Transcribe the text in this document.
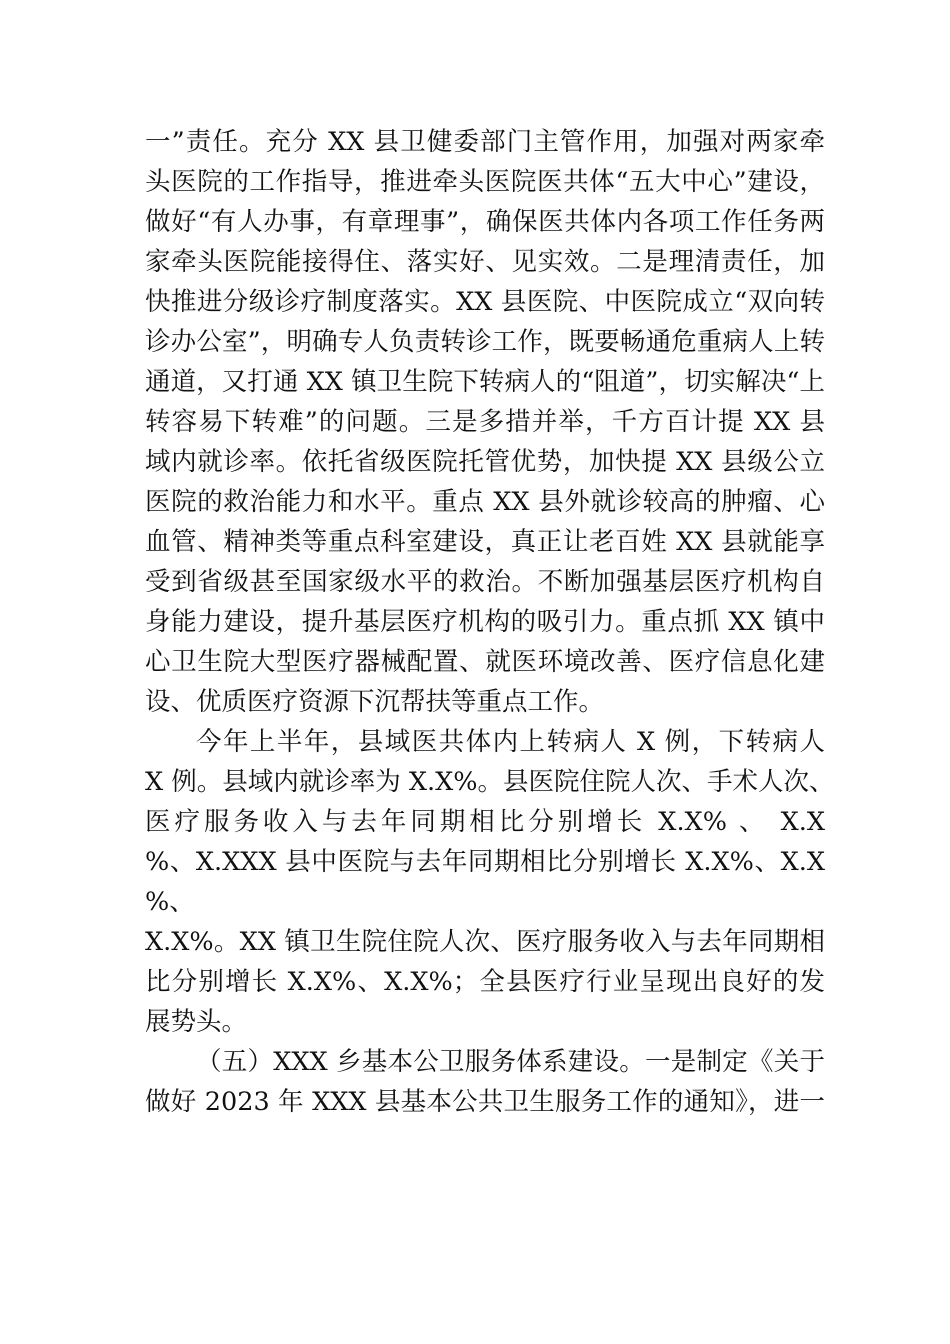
一”责任。充分 XX 县卫健委部门主管作用，加强对两家牵
头医院的工作指导，推进牵头医院医共体“五大中心”建设，
做好“有人办事，有章理事”，确保医共体内各项工作任务两
家牵头医院能接得住、落实好、见实效。二是理清责任，加
快推进分级诊疗制度落实。XX 县医院、中医院成立“双向转
诊办公室”，明确专人负责转诊工作，既要畅通危重病人上转
通道，又打通 XX 镇卫生院下转病人的“阻道”，切实解决“上
转容易下转难”的问题。三是多措并举，千方百计提 XX 县
域内就诊率。依托省级医院托管优势，加快提 XX 县级公立
医院的救治能力和水平。重点 XX 县外就诊较高的肿瘤、心
血管、精神类等重点科室建设，真正让老百姓 XX 县就能享
受到省级甚至国家级水平的救治。不断加强基层医疗机构自
身能力建设，提升基层医疗机构的吸引力。重点抓 XX 镇中
心卫生院大型医疗器械配置、就医环境改善、医疗信息化建
设、优质医疗资源下沉帮扶等重点工作。
今年上半年，县域医共体内上转病人 X 例，下转病人
X 例。县域内就诊率为 X.X%。县医院住院人次、手术人次、
医疗服务收入与去年同期相比分别增长 X.X% 、 X.X
%、X.XXX 县中医院与去年同期相比分别增长 X.X%、X.X
%、
X.X%。XX 镇卫生院住院人次、医疗服务收入与去年同期相
比分别增长 X.X%、X.X%；全县医疗行业呈现出良好的发
展势头。
（五）XXX 乡基本公卫服务体系建设。一是制定《关于
做好 2023 年 XXX 县基本公共卫生服务工作的通知》，进一
